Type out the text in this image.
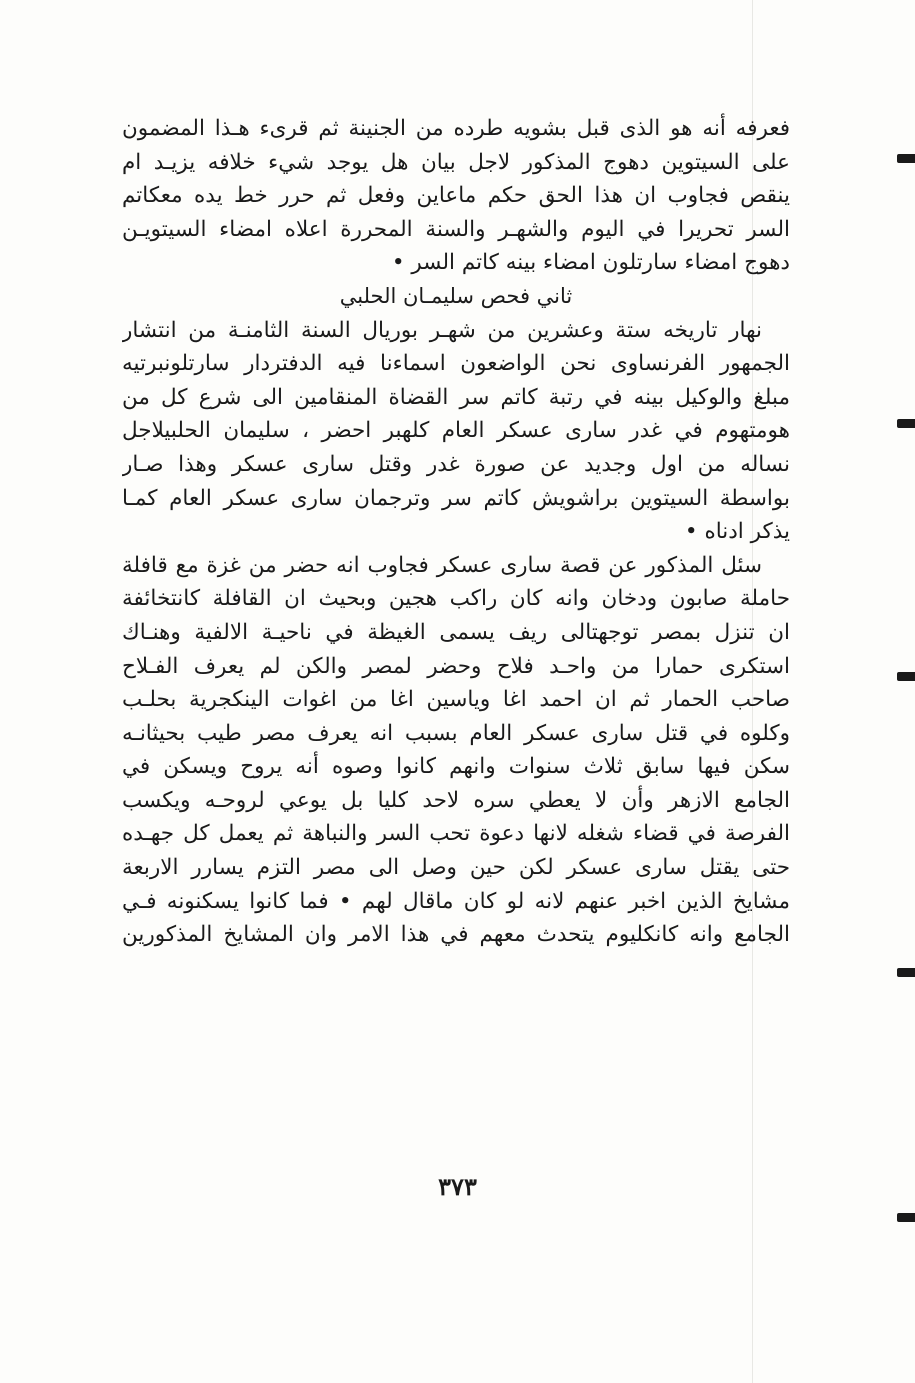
فعرفه أنه هو الذى قبل بشويه طرده من الجنينة ثم قرىء هـذا المضمون
على السيتوين دهوج المذكور لاجل بيان هل يوجد شيء خلافه يزيـد ام
ينقص فجاوب ان هذا الحق حكم ماعاين وفعل ثم حرر خط يده معكاتم
السر تحريرا في اليوم والشهـر والسنة المحررة اعلاه امضاء السيتويـن
دهوج امضاء سارتلون امضاء بينه كاتم السر •
ثاني فحص سليمـان الحلبي
نهار تاريخه ستة وعشرين من شهـر بوريال السنة الثامنـة من انتشار
الجمهور الفرنساوى نحن الواضعون اسماءنا فيه الدفتردار سارتلونبرتيه
مبلغ والوكيل بينه في رتبة كاتم سر القضاة المنقامين الى شرع كل من
هومتهوم في غدر سارى عسكر العام كلهبر احضر ، سليمان الحلبيلاجل
نساله من اول وجديد عن صورة غدر وقتل سارى عسكر وهذا صـار
بواسطة السيتوين براشويش كاتم سر وترجمان سارى عسكر العام كمـا
يذكر ادناه •
سئل المذكور عن قصة سارى عسكر فجاوب انه حضر من غزة مع قافلة
حاملة صابون ودخان وانه كان راكب هجين وبحيث ان القافلة كانتخائفة
ان تنزل بمصر توجهتالى ريف يسمى الغيظة في ناحيـة الالفية وهنـاك
استكرى حمارا من واحـد فلاح وحضر لمصر والكن لم يعرف الفـلاح
صاحب الحمار ثم ان احمد اغا وياسين اغا من اغوات الينكجرية بحلـب
وكلوه في قتل سارى عسكر العام بسبب انه يعرف مصر طيب بحيثانـه
سكن فيها سابق ثلاث سنوات وانهم كانوا وصوه أنه يروح ويسكن في
الجامع الازهر وأن لا يعطي سره لاحد كليا بل يوعي لروحـه ويكسب
الفرصة في قضاء شغله لانها دعوة تحب السر والنباهة ثم يعمل كل جهـده
حتى يقتل سارى عسكر لكن حين وصل الى مصر التزم يسارر الاربعة
مشايخ الذين اخبر عنهم لانه لو كان ماقال لهم • فما كانوا يسكنونه فـي
الجامع وانه كانكليوم يتحدث معهم في هذا الامر وان المشايخ المذكورين
٣٧٣
